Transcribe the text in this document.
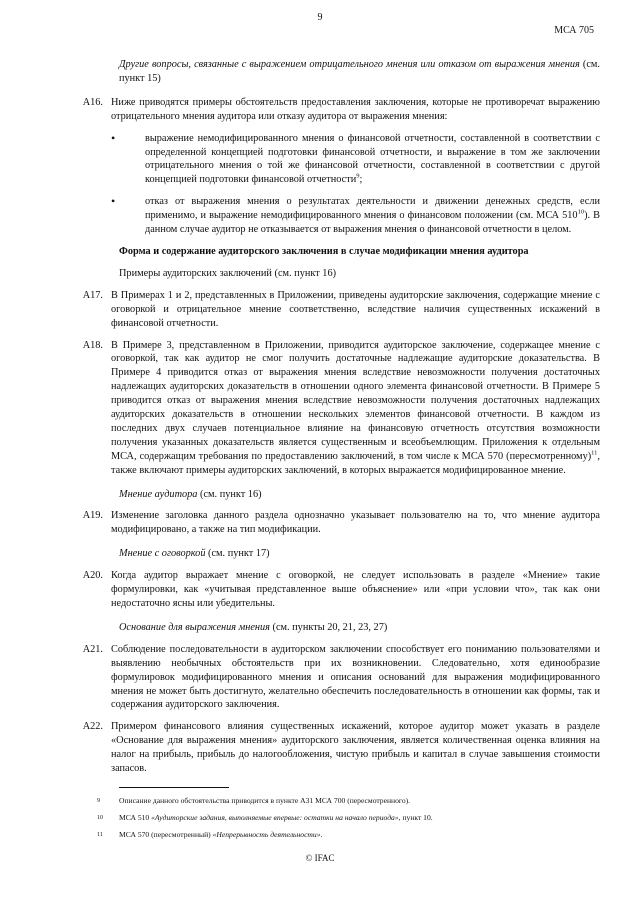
9
МСА 705

Другие вопросы, связанные с выражением отрицательного мнения или отказом от выражения мнения (см. пункт 15)

A16. Ниже приводятся примеры обстоятельств предоставления заключения, которые не противоречат выражению отрицательного мнения аудитора или отказу аудитора от выражения мнения:

•	выражение немодифицированного мнения о финансовой отчетности, составленной в соответствии с определенной концепцией подготовки финансовой отчетности, и выражение в том же заключении отрицательного мнения о той же финансовой отчетности, составленной в соответствии с другой концепцией подготовки финансовой отчетности$^9$;
•	отказ от выражения мнения о результатах деятельности и движении денежных средств, если применимо, и выражение немодифицированного мнения о финансовом положении (см. МСА $510^{10}$). В данном случае аудитор не отказывается от выражения мнения о финансовой отчетности в целом.

Форма и содержание аудиторского заключения в случае модификации мнения аудитора

Примеры аудиторских заключений (см. пункт 16)

A17. В Примерах 1 и 2, представленных в Приложении, приведены аудиторские заключения, содержащие мнение с оговоркой и отрицательное мнение соответственно, вследствие наличия существенных искажений в финансовой отчетности.

A18. В Примере 3, представленном в Приложении, приводится аудиторское заключение, содержащее мнение с оговоркой, так как аудитор не смог получить достаточные надлежащие аудиторские доказательства. В Примере 4 приводится отказ от выражения мнения вследствие невозможности получения достаточных надлежащих аудиторских доказательств в отношении одного элемента финансовой отчетности. В Примере 5 приводится отказ от выражения мнения вследствие невозможности получения достаточных надлежащих аудиторских доказательств в отношении нескольких элементов финансовой отчетности. В каждом из последних двух случаев потенциальное влияние на финансовую отчетность отсутствия возможности получения указанных доказательств является существенным и всеобъемлющим. Приложения к отдельным МСА, содержащим требования по предоставлению заключений, в том числе к МСА 570 (пересмотренному)$^{11}$, также включают примеры аудиторских заключений, в которых выражается модифицированное мнение.

Мнение аудитора (см. пункт 16)

A19. Изменение заголовка данного раздела однозначно указывает пользователю на то, что мнение аудитора модифицировано, а также на тип модификации.

Мнение с оговоркой (см. пункт 17)

A20. Когда аудитор выражает мнение с оговоркой, не следует использовать в разделе «Мнение» такие формулировки, как «учитывая представленное выше объяснение» или «при условии что», так как они недостаточно ясны или убедительны.

Основание для выражения мнения (см. пункты 20, 21, 23, 27)

A21. Соблюдение последовательности в аудиторском заключении способствует его пониманию пользователями и выявлению необычных обстоятельств при их возникновении. Следовательно, хотя единообразие формулировок модифицированного мнения и описания оснований для выражения модифицированного мнения не может быть достигнуто, желательно обеспечить последовательность в отношении как формы, так и содержания аудиторского заключения.

A22. Примером финансового влияния существенных искажений, которое аудитор может указать в разделе «Основание для выражения мнения» аудиторского заключения, является количественная оценка влияния на налог на прибыль, прибыль до налогообложения, чистую прибыль и капитал в случае завышения стоимости запасов.

9	Описание данного обстоятельства приводится в пункте А31 МСА 700 (пересмотренного).
10	МСА 510 «Аудиторские задания, выполняемые впервые: остатки на начало периода», пункт 10.
11	МСА 570 (пересмотренный) «Непрерывность деятельности».
© IFAC
